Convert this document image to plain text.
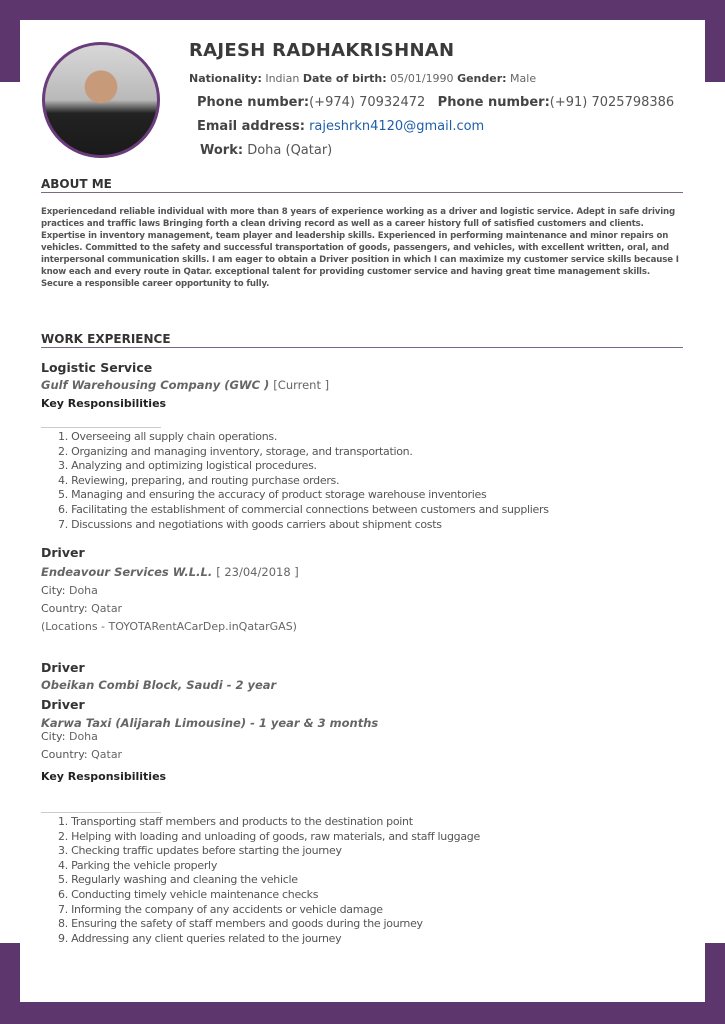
RAJESH RADHAKRISHNAN
Nationality: Indian Date of birth: 05/01/1990 Gender: Male
Phone number:(+974) 70932472 Phone number:(+91) 7025798386
Email address: rajeshrkn4120@gmail.com
Work: Doha (Qatar)
ABOUT ME
Experiencedand reliable individual with more than 8 years of experience working as a driver and logistic service. Adept in safe driving practices and traffic laws Bringing forth a clean driving record as well as a career history full of satisfied customers and clients. Expertise in inventory management, team player and leadership skills. Experienced in performing maintenance and minor repairs on vehicles. Committed to the safety and successful transportation of goods, passengers, and vehicles, with excellent written, oral, and interpersonal communication skills. I am eager to obtain a Driver position in which I can maximize my customer service skills because I know each and every route in Qatar. exceptional talent for providing customer service and having great time management skills. Secure a responsible career opportunity to fully.
WORK EXPERIENCE
Logistic Service
Gulf Warehousing Company (GWC ) [Current ]
Key Responsibilities
1. Overseeing all supply chain operations.
2. Organizing and managing inventory, storage, and transportation.
3. Analyzing and optimizing logistical procedures.
4. Reviewing, preparing, and routing purchase orders.
5. Managing and ensuring the accuracy of product storage warehouse inventories
6. Facilitating the establishment of commercial connections between customers and suppliers
7. Discussions and negotiations with goods carriers about shipment costs
Driver
Endeavour Services W.L.L. [ 23/04/2018 ]
City: Doha
Country: Qatar
(Locations - TOYOTARentACarDep.inQatarGAS)
Driver
Obeikan Combi Block, Saudi - 2 year
Driver
Karwa Taxi (Alijarah Limousine) - 1 year & 3 months
City: Doha
Country: Qatar
Key Responsibilities
1. Transporting staff members and products to the destination point
2. Helping with loading and unloading of goods, raw materials, and staff luggage
3. Checking traffic updates before starting the journey
4. Parking the vehicle properly
5. Regularly washing and cleaning the vehicle
6. Conducting timely vehicle maintenance checks
7. Informing the company of any accidents or vehicle damage
8. Ensuring the safety of staff members and goods during the journey
9. Addressing any client queries related to the journey
